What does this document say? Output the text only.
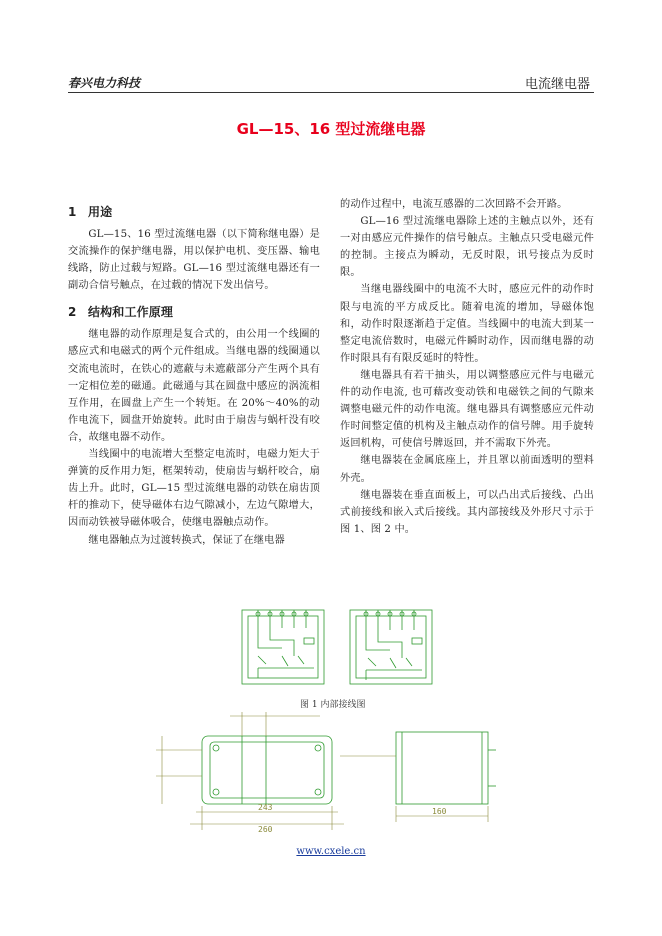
春兴电力科技	电流继电器
GL—15、16 型过流继电器
1 用途

GL—15、16 型过流继电器（以下简称继电器）是交流操作的保护继电器，用以保护电机、变压器、输电线路，防止过载与短路。GL—16 型过流继电器还有一副动合信号触点，在过载的情况下发出信号。

2 结构和工作原理

继电器的动作原理是复合式的，由公用一个线圈的感应式和电磁式的两个元件组成。当继电器的线圈通以交流电流时，在铁心的遮蔽与未遮蔽部分产生两个具有一定相位差的磁通。此磁通与其在圆盘中感应的涡流相互作用，在圆盘上产生一个转矩。在 20%～40%的动作电流下，圆盘开始旋转。此时由于扇齿与蜗杆没有咬合，故继电器不动作。

当线圈中的电流增大至整定电流时，电磁力矩大于弹簧的反作用力矩，框架转动，使扇齿与蜗杆咬合，扇齿上升。此时，GL—15 型过流继电器的动铁在扇齿顶杆的推动下，使导磁体右边气隙减小，左边气隙增大，因而动铁被导磁体吸合，使继电器触点动作。

继电器触点为过渡转换式，保证了在继电器

的动作过程中，电流互感器的二次回路不会开路。

GL—16 型过流继电器除上述的主触点以外，还有一对由感应元件操作的信号触点。主触点只受电磁元件的控制。主接点为瞬动，无反时限，讯号接点为反时限。

当继电器线圈中的电流不大时，感应元件的动作时限与电流的平方成反比。随着电流的增加，导磁体饱和，动作时限逐渐趋于定值。当线圈中的电流大到某一整定电流倍数时，电磁元件瞬时动作，因而继电器的动作时限具有有限反延时的特性。

继电器具有若干抽头，用以调整感应元件与电磁元件的动作电流, 也可藉改变动铁和电磁铁之间的气隙来调整电磁元件的动作电流。继电器具有调整感应元件动作时间整定值的机构及主触点动作的信号牌。用手旋转返回机构，可使信号牌返回，并不需取下外壳。

继电器装在金属底座上，并且罩以前面透明的塑料外壳。

继电器装在垂直面板上，可以凸出式后接线、凸出式前接线和嵌入式后接线。其内部接线及外形尺寸示于图 1、图 2 中。

图 1 内部接线图
243
260
160
www.cxele.cn
